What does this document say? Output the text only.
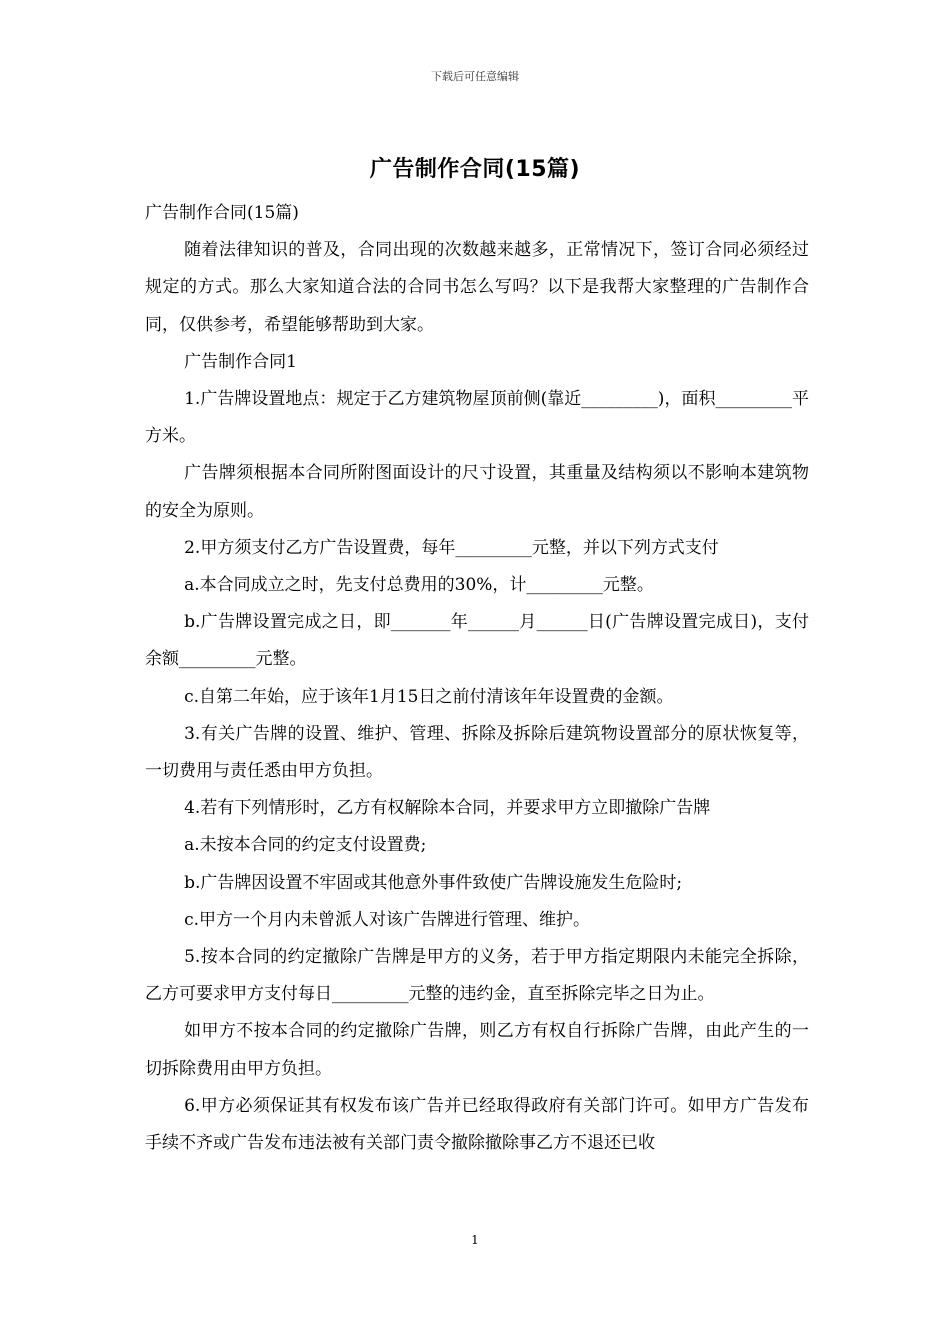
下载后可任意编辑
广告制作合同(15篇)

广告制作合同(15篇)

随着法律知识的普及，合同出现的次数越来越多，正常情况下，签订合同必须经过规定的方式。那么大家知道合法的合同书怎么写吗？以下是我帮大家整理的广告制作合同，仅供参考，希望能够帮助到大家。

广告制作合同1

1.广告牌设置地点：规定于乙方建筑物屋顶前侧(靠近_________)，面积_________平方米。

广告牌须根据本合同所附图面设计的尺寸设置，其重量及结构须以不影响本建筑物的安全为原则。

2.甲方须支付乙方广告设置费，每年_________元整，并以下列方式支付

a.本合同成立之时，先支付总费用的30%，计_________元整。

b.广告牌设置完成之日，即_______年______月______日(广告牌设置完成日)，支付余额_________元整。

c.自第二年始，应于该年1月15日之前付清该年年设置费的金额。

3.有关广告牌的设置、维护、管理、拆除及拆除后建筑物设置部分的原状恢复等，一切费用与责任悉由甲方负担。

4.若有下列情形时，乙方有权解除本合同，并要求甲方立即撤除广告牌

a.未按本合同的约定支付设置费;

b.广告牌因设置不牢固或其他意外事件致使广告牌设施发生危险时;

c.甲方一个月内未曾派人对该广告牌进行管理、维护。

5.按本合同的约定撤除广告牌是甲方的义务，若于甲方指定期限内未能完全拆除，乙方可要求甲方支付每日_________元整的违约金，直至拆除完毕之日为止。

如甲方不按本合同的约定撤除广告牌，则乙方有权自行拆除广告牌，由此产生的一切拆除费用由甲方负担。

6.甲方必须保证其有权发布该广告并已经取得政府有关部门许可。如甲方广告发布手续不齐或广告发布违法被有关部门责令撤除撤除事乙方不退还已收

1
